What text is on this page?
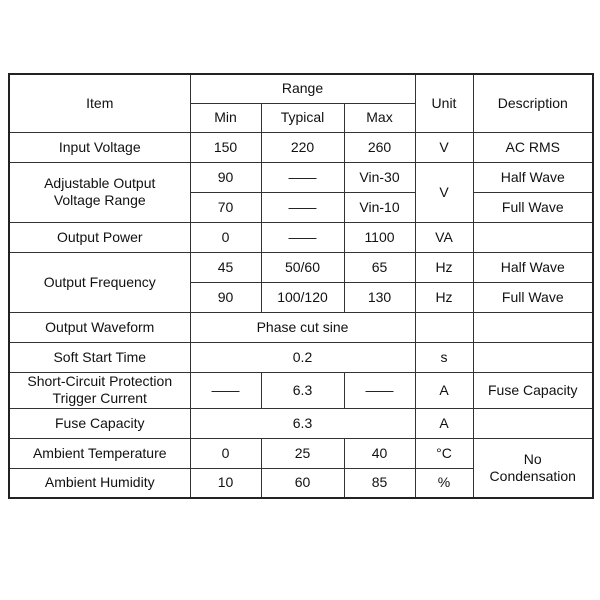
Item	Range			Unit	Description
	Min	Typical	Max		
Input Voltage	150	220	260	V	AC RMS
Adjustable Output
Voltage Range	90	——	Vin-30	V	Half Wave
	70	——	Vin-10		Full Wave
Output Power	0	——	1100	VA	
Output Frequency	45	50/60	65	Hz	Half Wave
	90	100/120	130	Hz	Full Wave
Output Waveform	Phase cut sine				
Soft Start Time	0.2			s	
Short-Circuit Protection
Trigger Current	——	6.3	——	A	Fuse Capacity
Fuse Capacity	6.3			A	
Ambient Temperature	0	25	40	°C	No
Condensation
Ambient Humidity	10	60	85	%	
